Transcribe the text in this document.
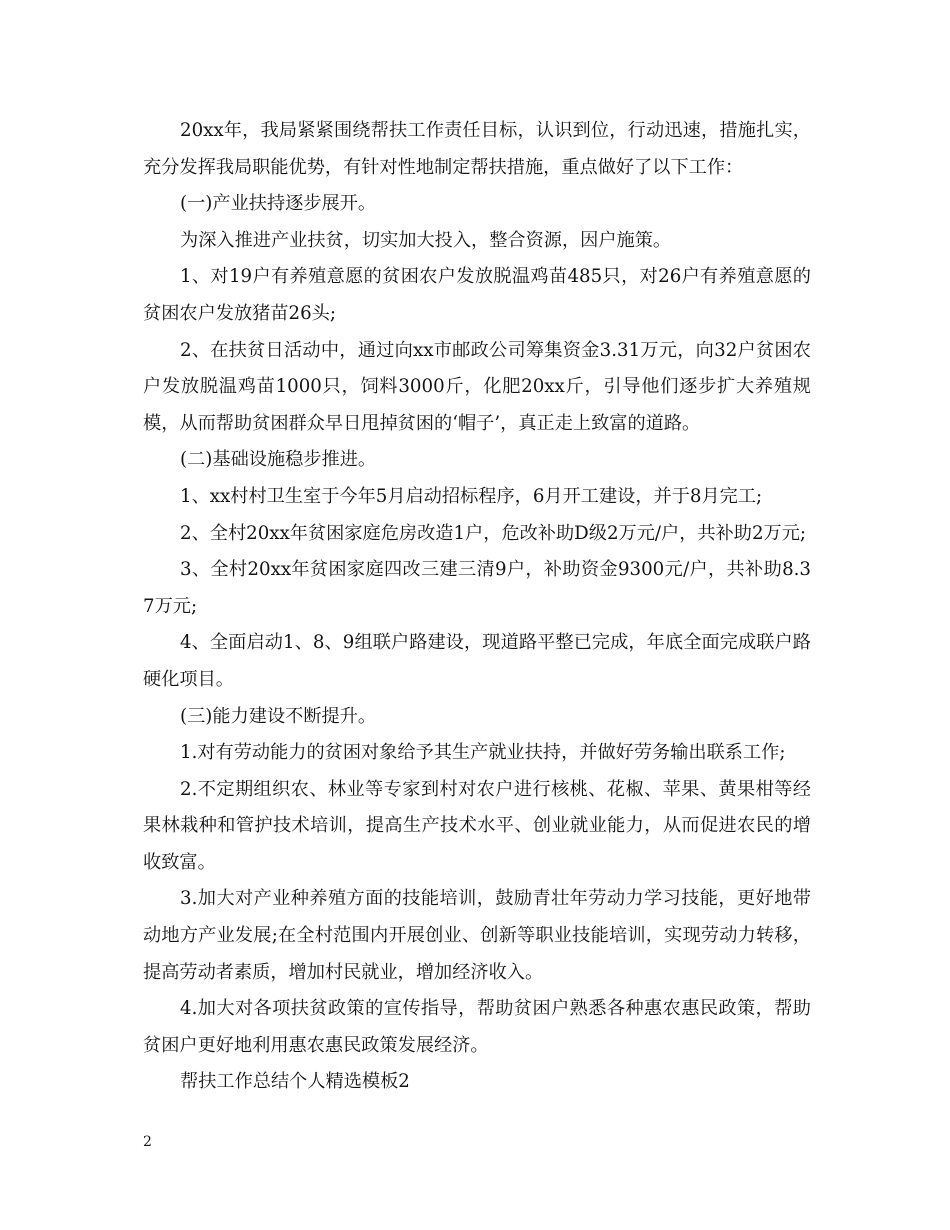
20xx年，我局紧紧围绕帮扶工作责任目标，认识到位，行动迅速，措施扎实，充分发挥我局职能优势，有针对性地制定帮扶措施，重点做好了以下工作：

(一)产业扶持逐步展开。

为深入推进产业扶贫，切实加大投入，整合资源，因户施策。

1、对19户有养殖意愿的贫困农户发放脱温鸡苗485只，对26户有养殖意愿的贫困农户发放猪苗26头;

2、在扶贫日活动中，通过向xx市邮政公司筹集资金3.31万元，向32户贫困农户发放脱温鸡苗1000只，饲料3000斤，化肥20xx斤，引导他们逐步扩大养殖规模，从而帮助贫困群众早日甩掉贫困的‘帽子’，真正走上致富的道路。

(二)基础设施稳步推进。

1、xx村村卫生室于今年5月启动招标程序，6月开工建设，并于8月完工;

2、全村20xx年贫困家庭危房改造1户，危改补助D级2万元/户，共补助2万元;

3、全村20xx年贫困家庭四改三建三清9户，补助资金9300元/户，共补助8.37万元;

4、全面启动1、8、9组联户路建设，现道路平整已完成，年底全面完成联户路硬化项目。

(三)能力建设不断提升。

1.对有劳动能力的贫困对象给予其生产就业扶持，并做好劳务输出联系工作;

2.不定期组织农、林业等专家到村对农户进行核桃、花椒、苹果、黄果柑等经果林栽种和管护技术培训，提高生产技术水平、创业就业能力，从而促进农民的增收致富。

3.加大对产业种养殖方面的技能培训，鼓励青壮年劳动力学习技能，更好地带动地方产业发展;在全村范围内开展创业、创新等职业技能培训，实现劳动力转移，提高劳动者素质，增加村民就业，增加经济收入。

4.加大对各项扶贫政策的宣传指导，帮助贫困户熟悉各种惠农惠民政策，帮助贫困户更好地利用惠农惠民政策发展经济。

帮扶工作总结个人精选模板2

2
